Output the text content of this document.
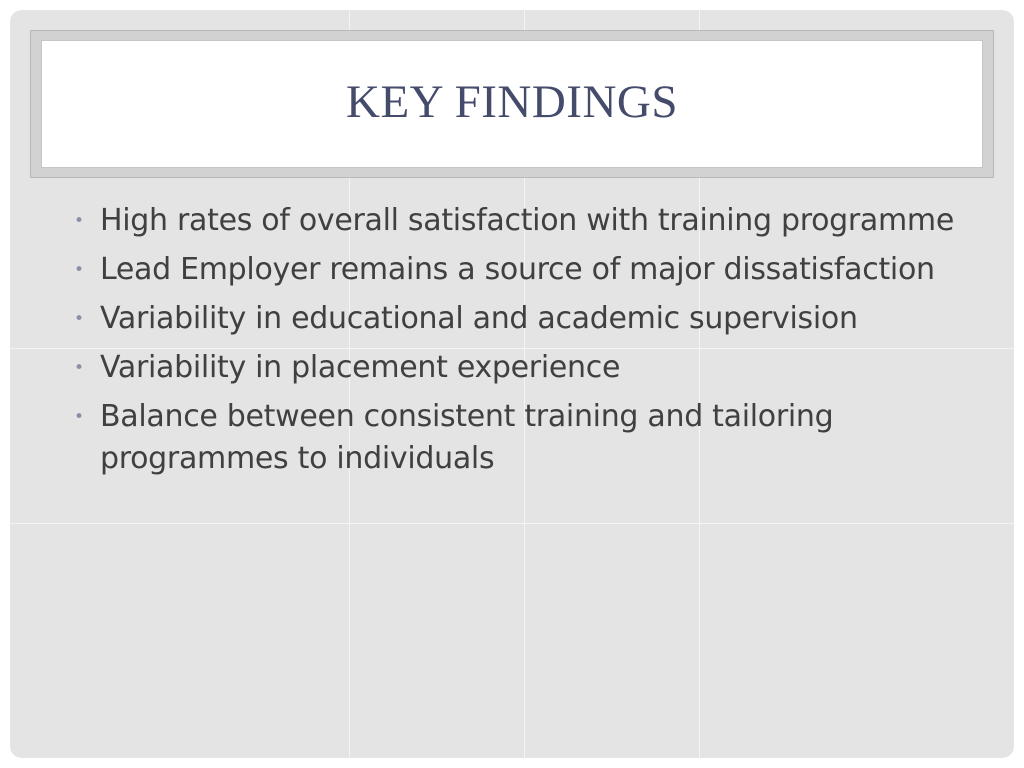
KEY FINDINGS
• High rates of overall satisfaction with training programme
• Lead Employer remains a source of major dissatisfaction
• Variability in educational and academic supervision
• Variability in placement experience
• Balance between consistent training and tailoring programmes to individuals
